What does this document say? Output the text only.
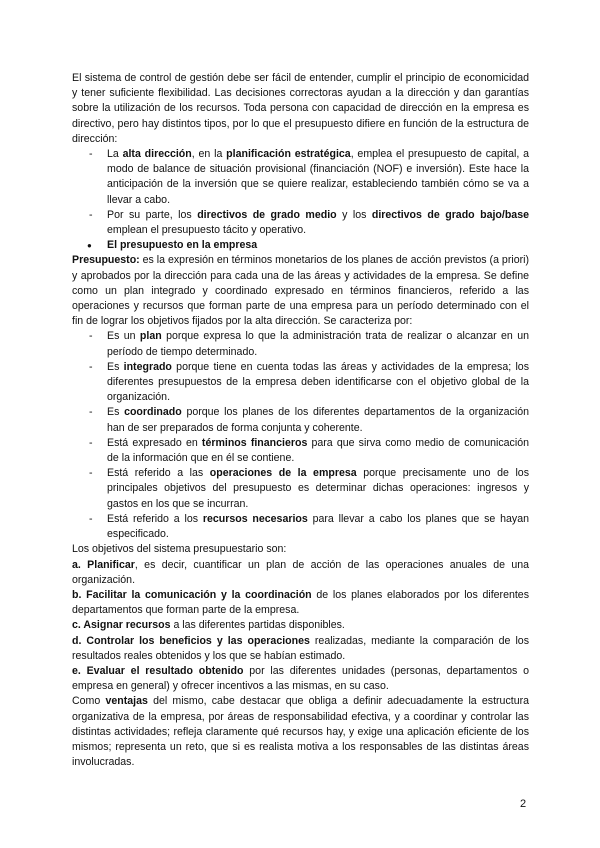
El sistema de control de gestión debe ser fácil de entender, cumplir el principio de economicidad y tener suficiente flexibilidad. Las decisiones correctoras ayudan a la dirección y dan garantías sobre la utilización de los recursos. Toda persona con capacidad de dirección en la empresa es directivo, pero hay distintos tipos, por lo que el presupuesto difiere en función de la estructura de dirección:

- La alta dirección, en la planificación estratégica, emplea el presupuesto de capital, a modo de balance de situación provisional (financiación (NOF) e inversión). Este hace la anticipación de la inversión que se quiere realizar, estableciendo también cómo se va a llevar a cabo.

- Por su parte, los directivos de grado medio y los directivos de grado bajo/base emplean el presupuesto tácito y operativo.

● El presupuesto en la empresa

Presupuesto: es la expresión en términos monetarios de los planes de acción previstos (a priori) y aprobados por la dirección para cada una de las áreas y actividades de la empresa. Se define como un plan integrado y coordinado expresado en términos financieros, referido a las operaciones y recursos que forman parte de una empresa para un período determinado con el fin de lograr los objetivos fijados por la alta dirección. Se caracteriza por:

- Es un plan porque expresa lo que la administración trata de realizar o alcanzar en un período de tiempo determinado.

- Es integrado porque tiene en cuenta todas las áreas y actividades de la empresa; los diferentes presupuestos de la empresa deben identificarse con el objetivo global de la organización.

- Es coordinado porque los planes de los diferentes departamentos de la organización han de ser preparados de forma conjunta y coherente.

- Está expresado en términos financieros para que sirva como medio de comunicación de la información que en él se contiene.

- Está referido a las operaciones de la empresa porque precisamente uno de los principales objetivos del presupuesto es determinar dichas operaciones: ingresos y gastos en los que se incurran.

- Está referido a los recursos necesarios para llevar a cabo los planes que se hayan especificado.

Los objetivos del sistema presupuestario son:

a. Planificar, es decir, cuantificar un plan de acción de las operaciones anuales de una organización.

b. Facilitar la comunicación y la coordinación de los planes elaborados por los diferentes departamentos que forman parte de la empresa.

c. Asignar recursos a las diferentes partidas disponibles.

d. Controlar los beneficios y las operaciones realizadas, mediante la comparación de los resultados reales obtenidos y los que se habían estimado.

e. Evaluar el resultado obtenido por las diferentes unidades (personas, departamentos o empresa en general) y ofrecer incentivos a las mismas, en su caso.

Como ventajas del mismo, cabe destacar que obliga a definir adecuadamente la estructura organizativa de la empresa, por áreas de responsabilidad efectiva, y a coordinar y controlar las distintas actividades; refleja claramente qué recursos hay, y exige una aplicación eficiente de los mismos; representa un reto, que si es realista motiva a los responsables de las distintas áreas involucradas.

2
